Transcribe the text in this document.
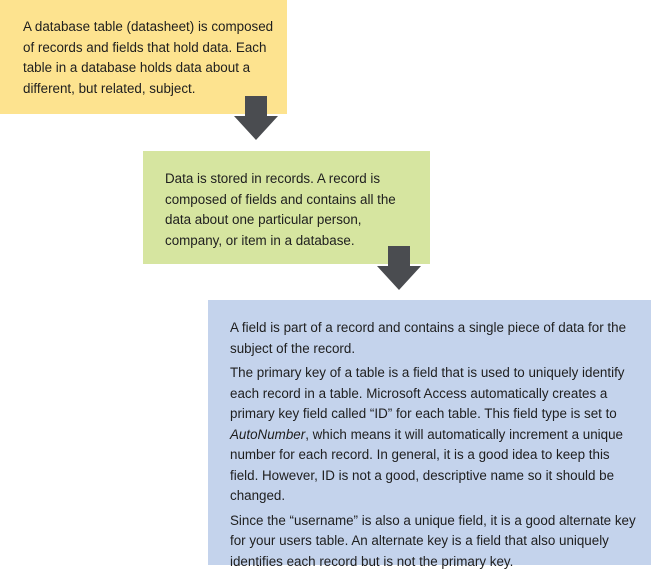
A database table (datasheet) is composed of records and fields that hold data. Each table in a database holds data about a different, but related, subject.

Data is stored in records. A record is composed of fields and contains all the data about one particular person, company, or item in a database.

A field is part of a record and contains a single piece of data for the subject of the record.

The primary key of a table is a field that is used to uniquely identify each record in a table. Microsoft Access automatically creates a primary key field called “ID” for each table. This field type is set to AutoNumber, which means it will automatically increment a unique number for each record. In general, it is a good idea to keep this field. However, ID is not a good, descriptive name so it should be changed.

Since the “username” is also a unique field, it is a good alternate key for your users table. An alternate key is a field that also uniquely identifies each record but is not the primary key.
